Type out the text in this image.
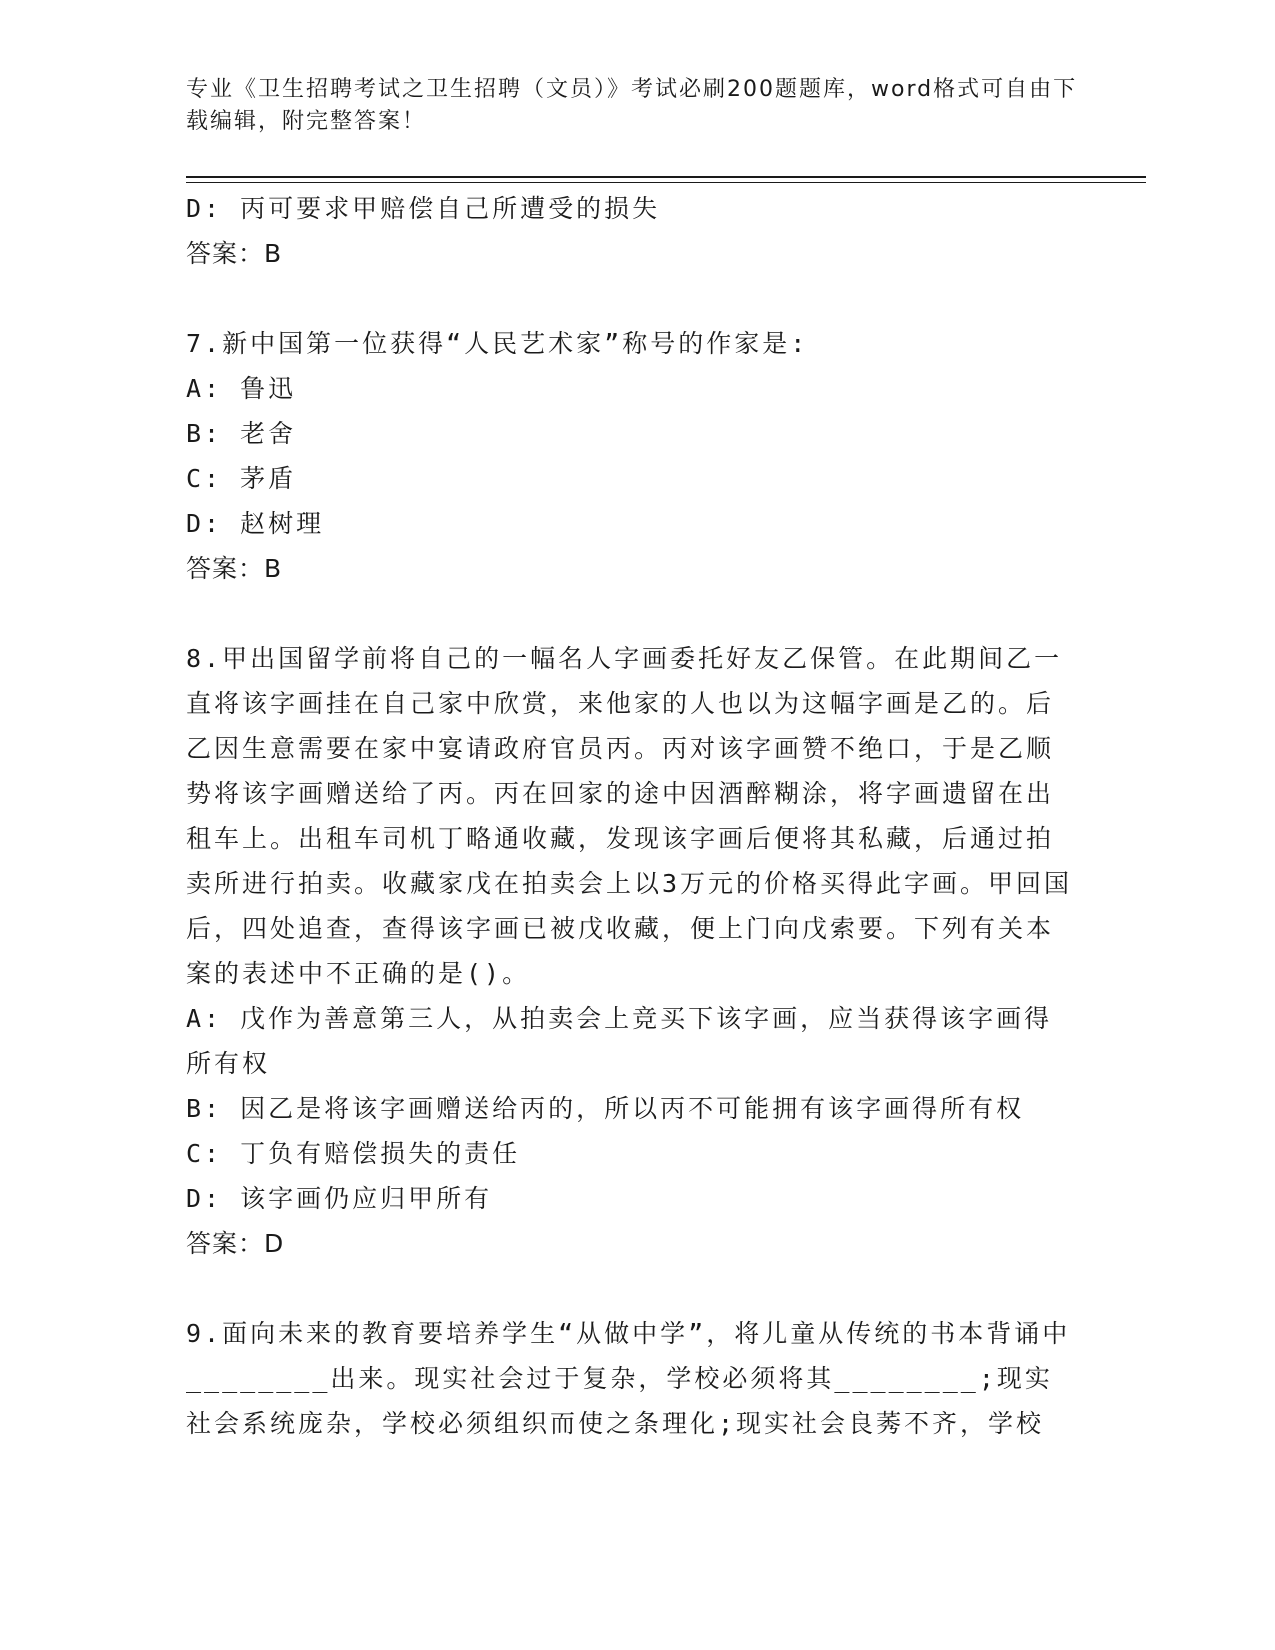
专业《卫生招聘考试之卫生招聘（文员）》考试必刷200题题库，word格式可自由下载编辑，附完整答案！
D: 丙可要求甲赔偿自己所遭受的损失
答案：B
7.新中国第一位获得“人民艺术家”称号的作家是:
A: 鲁迅
B: 老舍
C: 茅盾
D: 赵树理
答案：B
8.甲出国留学前将自己的一幅名人字画委托好友乙保管。在此期间乙一直将该字画挂在自己家中欣赏，来他家的人也以为这幅字画是乙的。后乙因生意需要在家中宴请政府官员丙。丙对该字画赞不绝口，于是乙顺势将该字画赠送给了丙。丙在回家的途中因酒醉糊涂，将字画遗留在出租车上。出租车司机丁略通收藏，发现该字画后便将其私藏，后通过拍卖所进行拍卖。收藏家戊在拍卖会上以3万元的价格买得此字画。甲回国后，四处追查，查得该字画已被戊收藏，便上门向戊索要。下列有关本案的表述中不正确的是()。
A: 戊作为善意第三人，从拍卖会上竞买下该字画，应当获得该字画得所有权
B: 因乙是将该字画赠送给丙的，所以丙不可能拥有该字画得所有权
C: 丁负有赔偿损失的责任
D: 该字画仍应归甲所有
答案：D
9.面向未来的教育要培养学生“从做中学”，将儿童从传统的书本背诵中________出来。现实社会过于复杂，学校必须将其________;现实社会系统庞杂，学校必须组织而使之条理化;现实社会良莠不齐，学校
